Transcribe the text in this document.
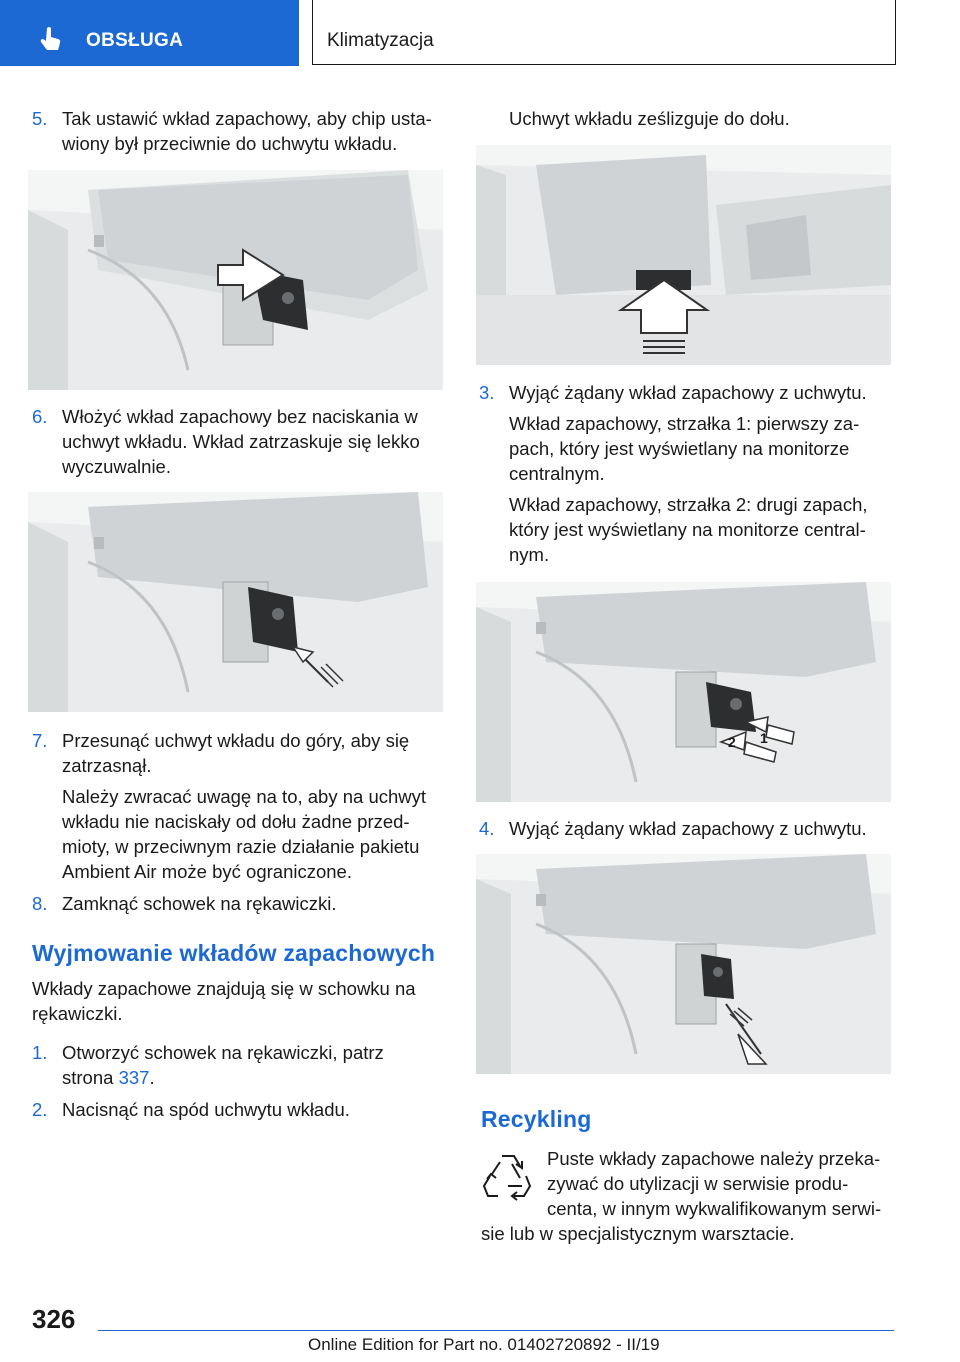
OBSŁUGA	Klimatyzacja
5. Tak ustawić wkład zapachowy, aby chip usta‐
wiony był przeciwnie do uchwytu wkładu.
6. Włożyć wkład zapachowy bez naciskania w
uchwyt wkładu. Wkład zatrzaskuje się lekko
wyczuwalnie.
7. Przesunąć uchwyt wkładu do góry, aby się
zatrzasnął.
Należy zwracać uwagę na to, aby na uchwyt
wkładu nie naciskały od dołu żadne przed‐
mioty, w przeciwnym razie działanie pakietu
Ambient Air może być ograniczone.
8. Zamknąć schowek na rękawiczki.
Wyjmowanie wkładów zapachowych
Wkłady zapachowe znajdują się w schowku na
rękawiczki.
1. Otworzyć schowek na rękawiczki, patrz
strona 337.
2. Nacisnąć na spód uchwytu wkładu.
Uchwyt wkładu ześlizguje do dołu.
3. Wyjąć żądany wkład zapachowy z uchwytu.
Wkład zapachowy, strzałka 1: pierwszy za‐
pach, który jest wyświetlany na monitorze
centralnym.
Wkład zapachowy, strzałka 2: drugi zapach,
który jest wyświetlany na monitorze central‐
nym.
2 1
4. Wyjąć żądany wkład zapachowy z uchwytu.
Recykling
Puste wkłady zapachowe należy przeka‐
zywać do utylizacji w serwisie produ‐
centa, w innym wykwalifikowanym serwi‐
sie lub w specjalistycznym warsztacie.
326
Online Edition for Part no. 01402720892 - II/19
